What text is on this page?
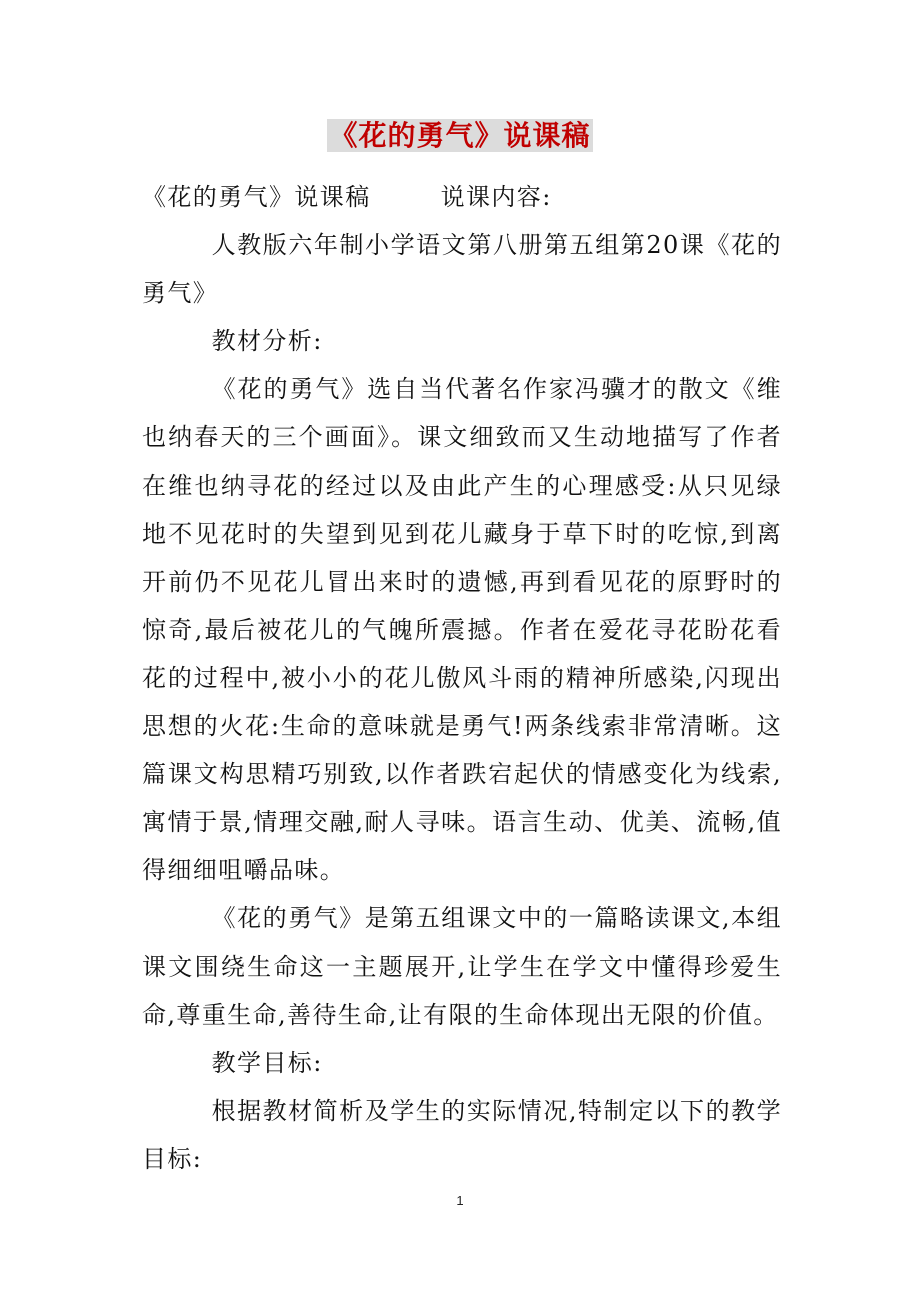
《花的勇气》说课稿

《花的勇气》说课稿	说课内容:

人教版六年制小学语文第八册第五组第20课《花的勇气》

教材分析:

《花的勇气》选自当代著名作家冯骥才的散文《维也纳春天的三个画面》。课文细致而又生动地描写了作者在维也纳寻花的经过以及由此产生的心理感受:从只见绿地不见花时的失望到见到花儿藏身于草下时的吃惊,到离开前仍不见花儿冒出来时的遗憾,再到看见花的原野时的惊奇,最后被花儿的气魄所震撼。作者在爱花寻花盼花看花的过程中,被小小的花儿傲风斗雨的精神所感染,闪现出思想的火花:生命的意味就是勇气!两条线索非常清晰。这篇课文构思精巧别致,以作者跌宕起伏的情感变化为线索,寓情于景,情理交融,耐人寻味。语言生动、优美、流畅,值得细细咀嚼品味。

《花的勇气》是第五组课文中的一篇略读课文,本组课文围绕生命这一主题展开,让学生在学文中懂得珍爱生命,尊重生命,善待生命,让有限的生命体现出无限的价值。

教学目标:

根据教材简析及学生的实际情况,特制定以下的教学目标:

1
